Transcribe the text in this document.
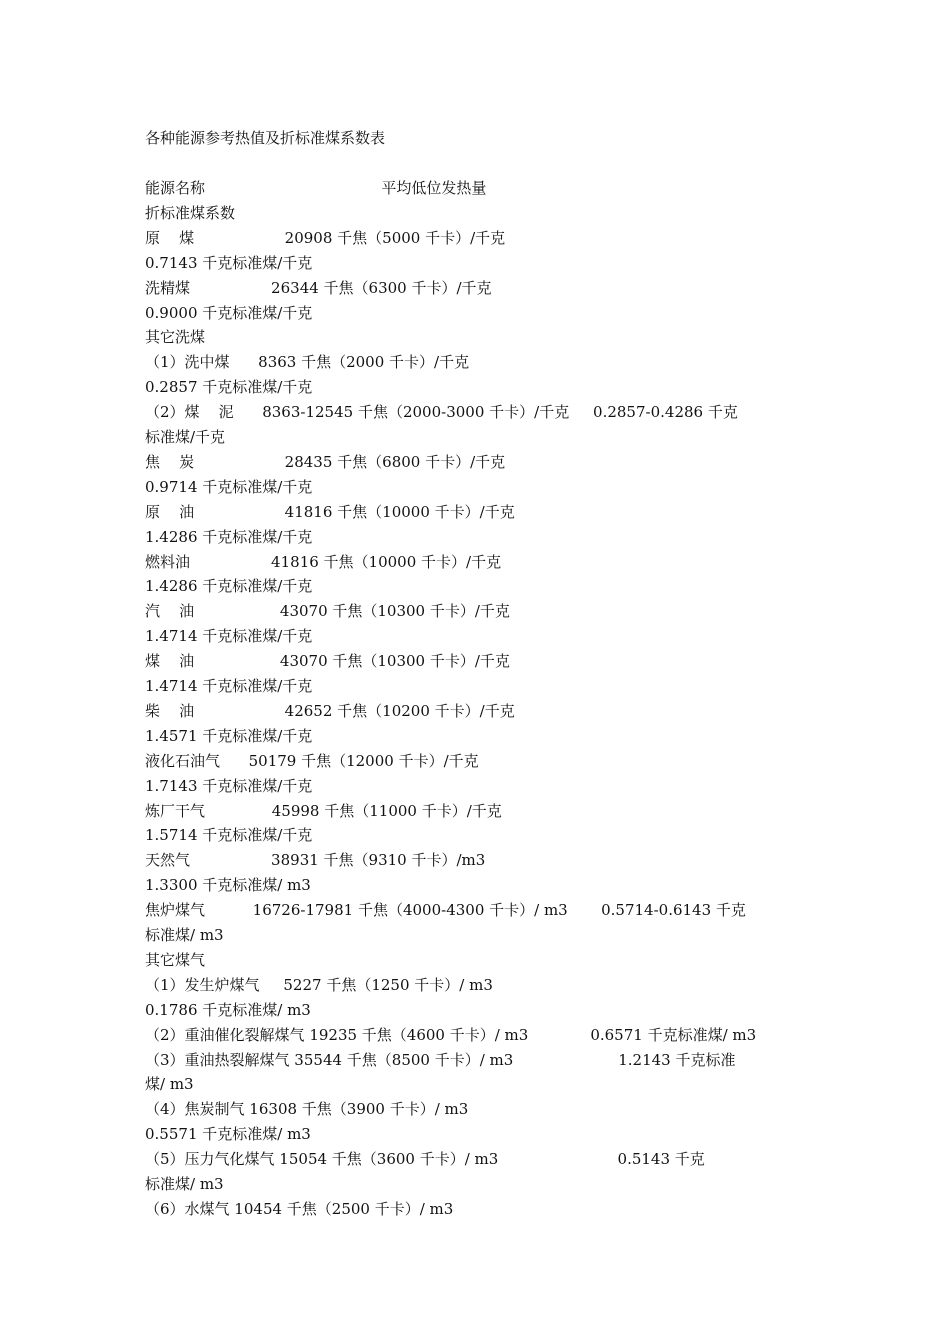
各种能源参考热值及折标准煤系数表
能源名称                                     平均低位发热量
折标准煤系数
原    煤                   20908 千焦（5000 千卡）/千克
0.7143 千克标准煤/千克
洗精煤                 26344 千焦（6300 千卡）/千克
0.9000 千克标准煤/千克
其它洗煤
（1）洗中煤      8363 千焦（2000 千卡）/千克
0.2857 千克标准煤/千克
（2）煤    泥      8363-12545 千焦（2000-3000 千卡）/千克     0.2857-0.4286 千克
标准煤/千克
焦    炭                   28435 千焦（6800 千卡）/千克
0.9714 千克标准煤/千克
原    油                   41816 千焦（10000 千卡）/千克
1.4286 千克标准煤/千克
燃料油                 41816 千焦（10000 千卡）/千克
1.4286 千克标准煤/千克
汽    油                  43070 千焦（10300 千卡）/千克
1.4714 千克标准煤/千克
煤    油                  43070 千焦（10300 千卡）/千克
1.4714 千克标准煤/千克
柴    油                   42652 千焦（10200 千卡）/千克
1.4571 千克标准煤/千克
液化石油气      50179 千焦（12000 千卡）/千克
1.7143 千克标准煤/千克
炼厂干气              45998 千焦（11000 千卡）/千克
1.5714 千克标准煤/千克
天然气                 38931 千焦（9310 千卡）/m3
1.3300 千克标准煤/ m3
焦炉煤气          16726-17981 千焦（4000-4300 千卡）/ m3       0.5714-0.6143 千克
标准煤/ m3
其它煤气
（1）发生炉煤气     5227 千焦（1250 千卡）/ m3
0.1786 千克标准煤/ m3
（2）重油催化裂解煤气 19235 千焦（4600 千卡）/ m3             0.6571 千克标准煤/ m3
（3）重油热裂解煤气 35544 千焦（8500 千卡）/ m3                      1.2143 千克标准
煤/ m3
（4）焦炭制气 16308 千焦（3900 千卡）/ m3
0.5571 千克标准煤/ m3
（5）压力气化煤气 15054 千焦（3600 千卡）/ m3                         0.5143 千克
标准煤/ m3
（6）水煤气 10454 千焦（2500 千卡）/ m3
